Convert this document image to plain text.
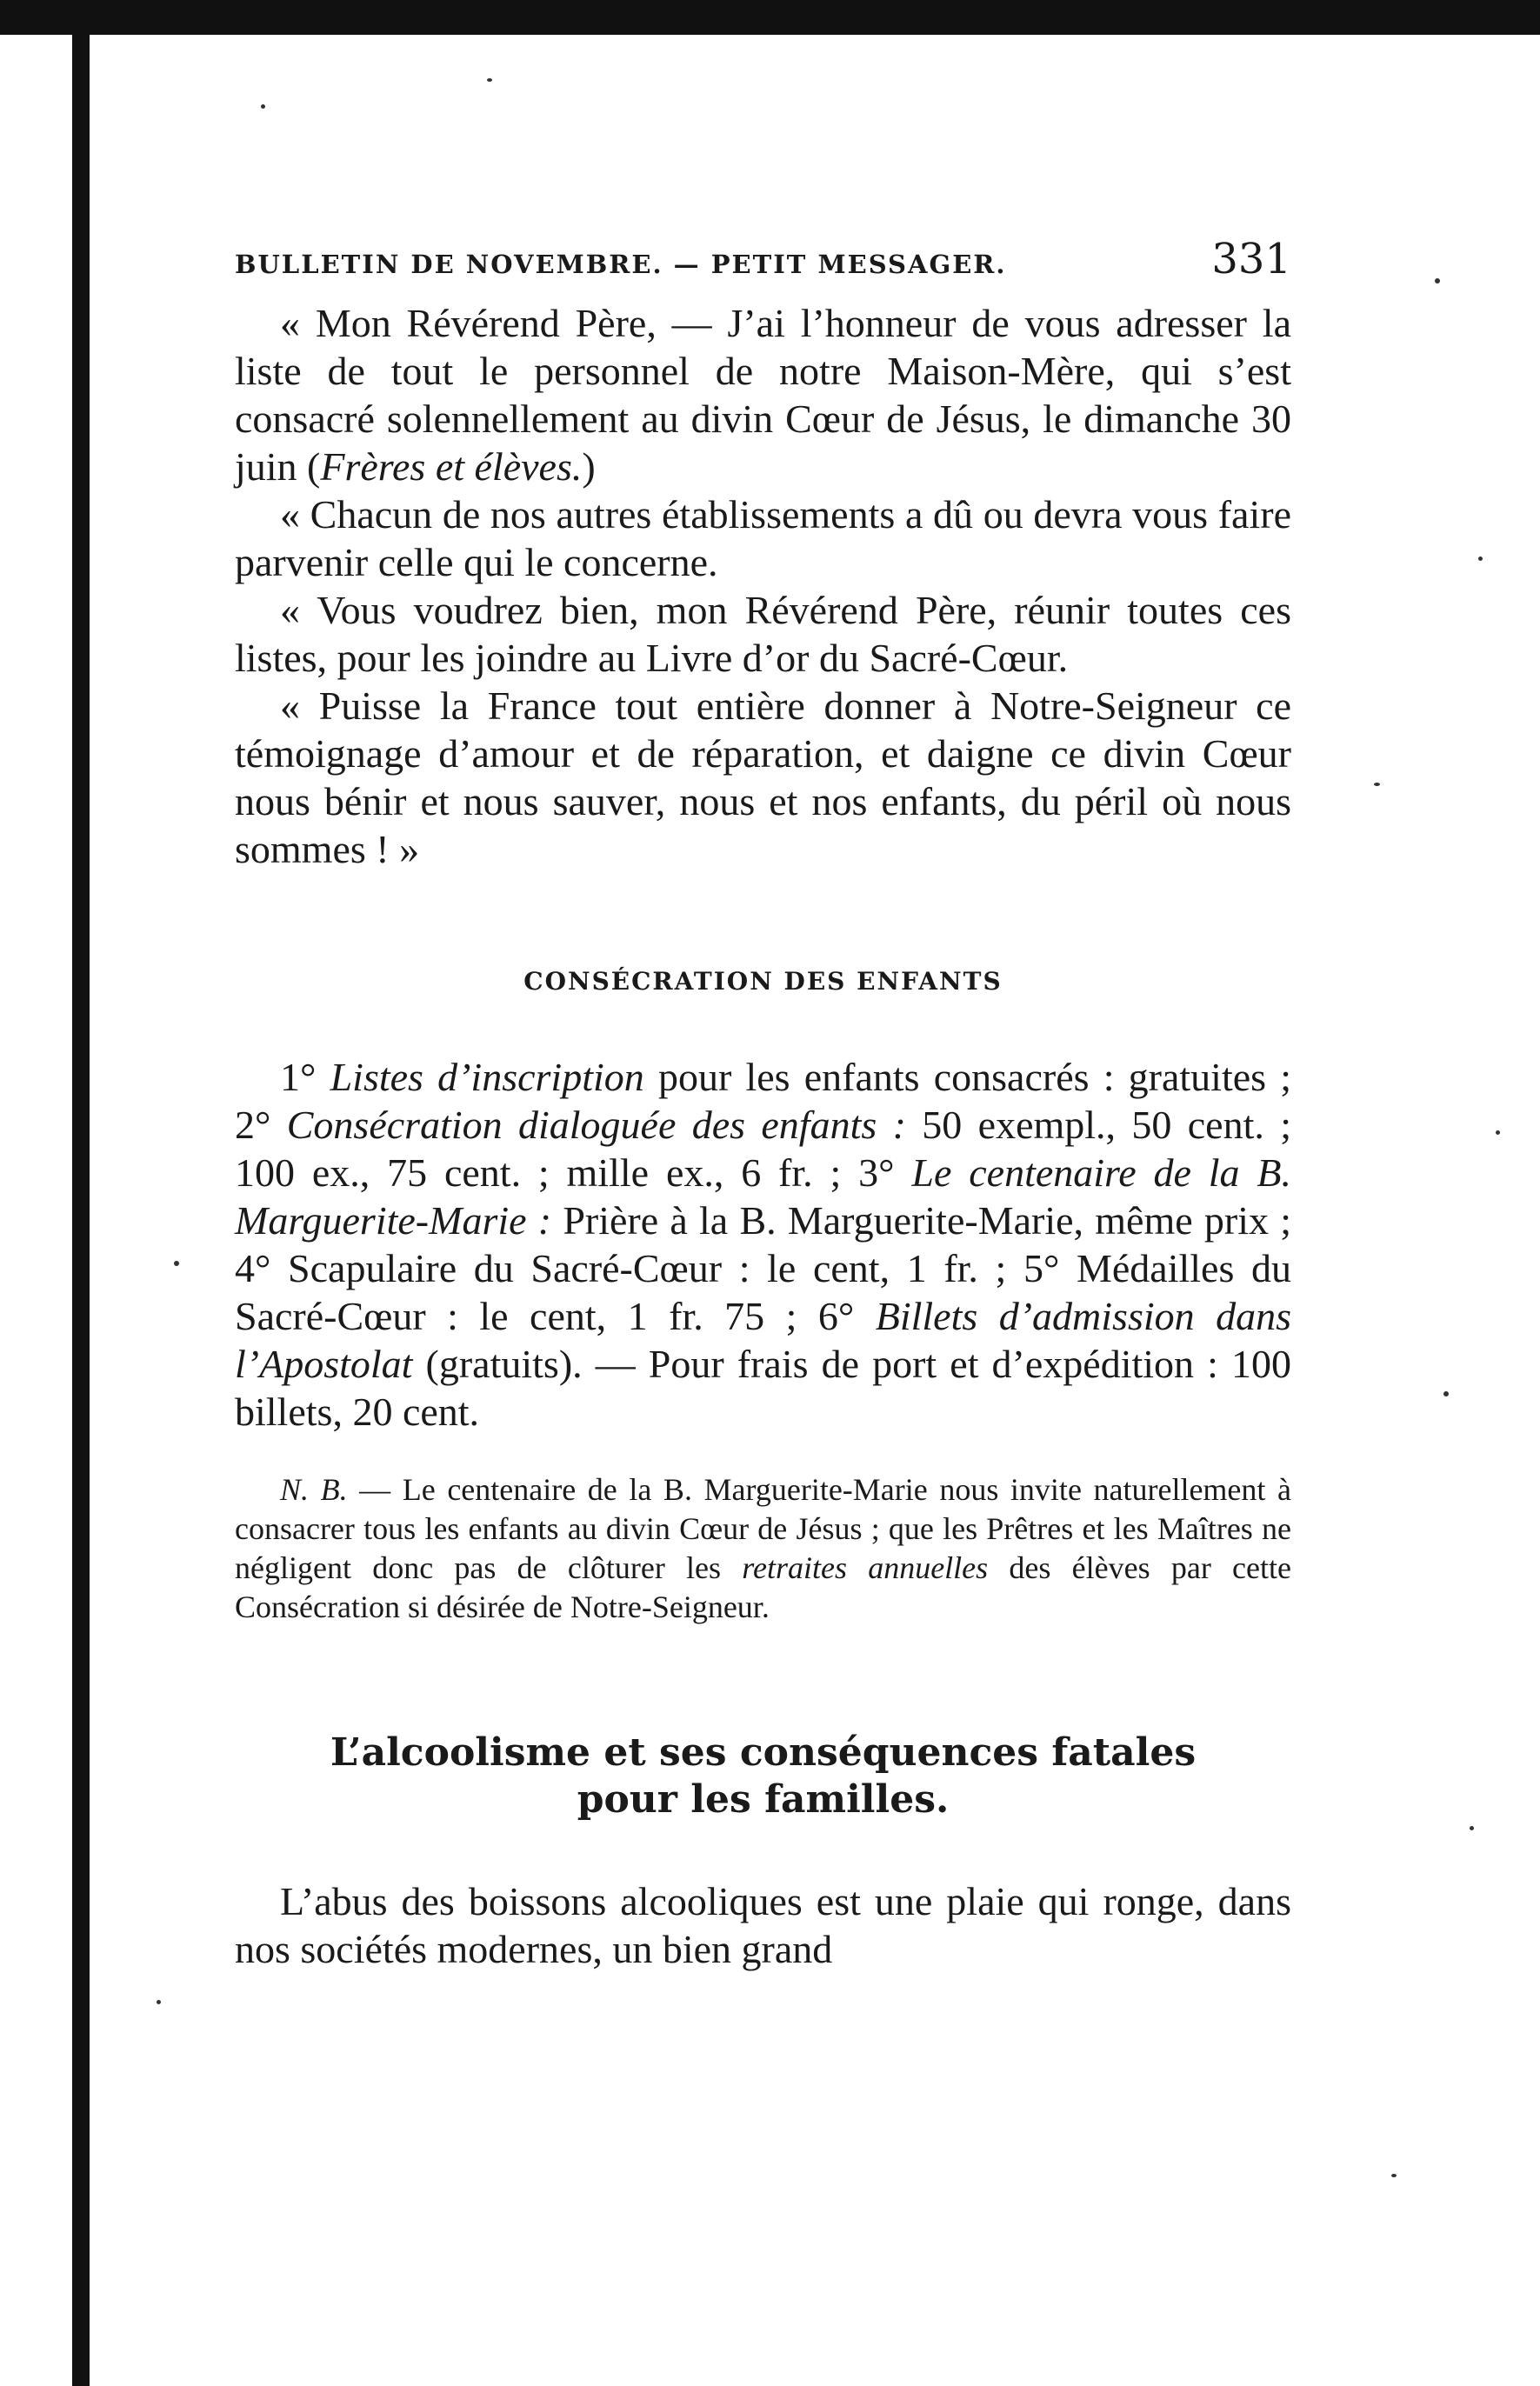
BULLETIN DE NOVEMBRE. — PETIT MESSAGER.	331

« Mon Révérend Père, — J’ai l’honneur de vous adresser la liste de tout le personnel de notre Maison-Mère, qui s’est consacré solennellement au divin Cœur de Jésus, le dimanche 30 juin (Frères et élèves.)

« Chacun de nos autres établissements a dû ou devra vous faire parvenir celle qui le concerne.

« Vous voudrez bien, mon Révérend Père, réunir toutes ces listes, pour les joindre au Livre d’or du Sacré-Cœur.

« Puisse la France tout entière donner à Notre-Seigneur ce témoignage d’amour et de réparation, et daigne ce divin Cœur nous bénir et nous sauver, nous et nos enfants, du péril où nous sommes ! »

CONSÉCRATION DES ENFANTS

1° Listes d’inscription pour les enfants consacrés : gratuites ; 2° Consécration dialoguée des enfants : 50 exempl., 50 cent. ; 100 ex., 75 cent. ; mille ex., 6 fr. ; 3° Le centenaire de la B. Marguerite-Marie : Prière à la B. Marguerite-Marie, même prix ; 4° Scapulaire du Sacré-Cœur : le cent, 1 fr. ; 5° Médailles du Sacré-Cœur : le cent, 1 fr. 75 ; 6° Billets d’admission dans l’Apostolat (gratuits). — Pour frais de port et d’expédition : 100 billets, 20 cent.

N. B. — Le centenaire de la B. Marguerite-Marie nous invite naturellement à consacrer tous les enfants au divin Cœur de Jésus ; que les Prêtres et les Maîtres ne négligent donc pas de clôturer les retraites annuelles des élèves par cette Consécration si désirée de Notre-Seigneur.

L’alcoolisme et ses conséquences fatales
pour les familles.

L’abus des boissons alcooliques est une plaie qui ronge, dans nos sociétés modernes, un bien grand
